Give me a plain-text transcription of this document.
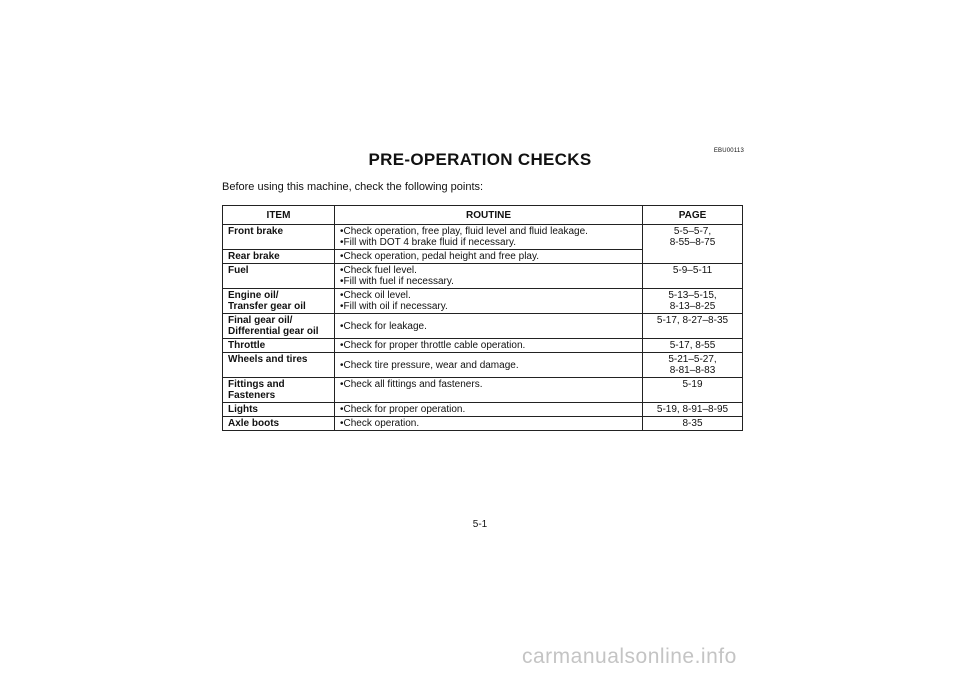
EBU00113
PRE-OPERATION CHECKS
Before using this machine, check the following points:
ITEM	ROUTINE	PAGE

Front brake	• Check operation, free play, fluid level and fluid leakage.
• Fill with DOT 4 brake fluid if necessary.	5-5–5-7,
8-55–8-75

Rear brake	• Check operation, pedal height and free play.

Fuel	• Check fuel level.
• Fill with fuel if necessary.	5-9–5-11

Engine oil/
Transfer gear oil	• Check oil level.
• Fill with oil if necessary.	5-13–5-15,
8-13–8-25

Final gear oil/
Differential gear oil	• Check for leakage.	5-17, 8-27–8-35

Throttle	• Check for proper throttle cable operation.	5-17, 8-55

Wheels and tires	• Check tire pressure, wear and damage.	5-21–5-27,
8-81–8-83

Fittings and Fasteners	• Check all fittings and fasteners.	5-19

Lights	• Check for proper operation.	5-19, 8-91–8-95

Axle boots	• Check operation.	8-35
5-1
carmanualsonline.info
